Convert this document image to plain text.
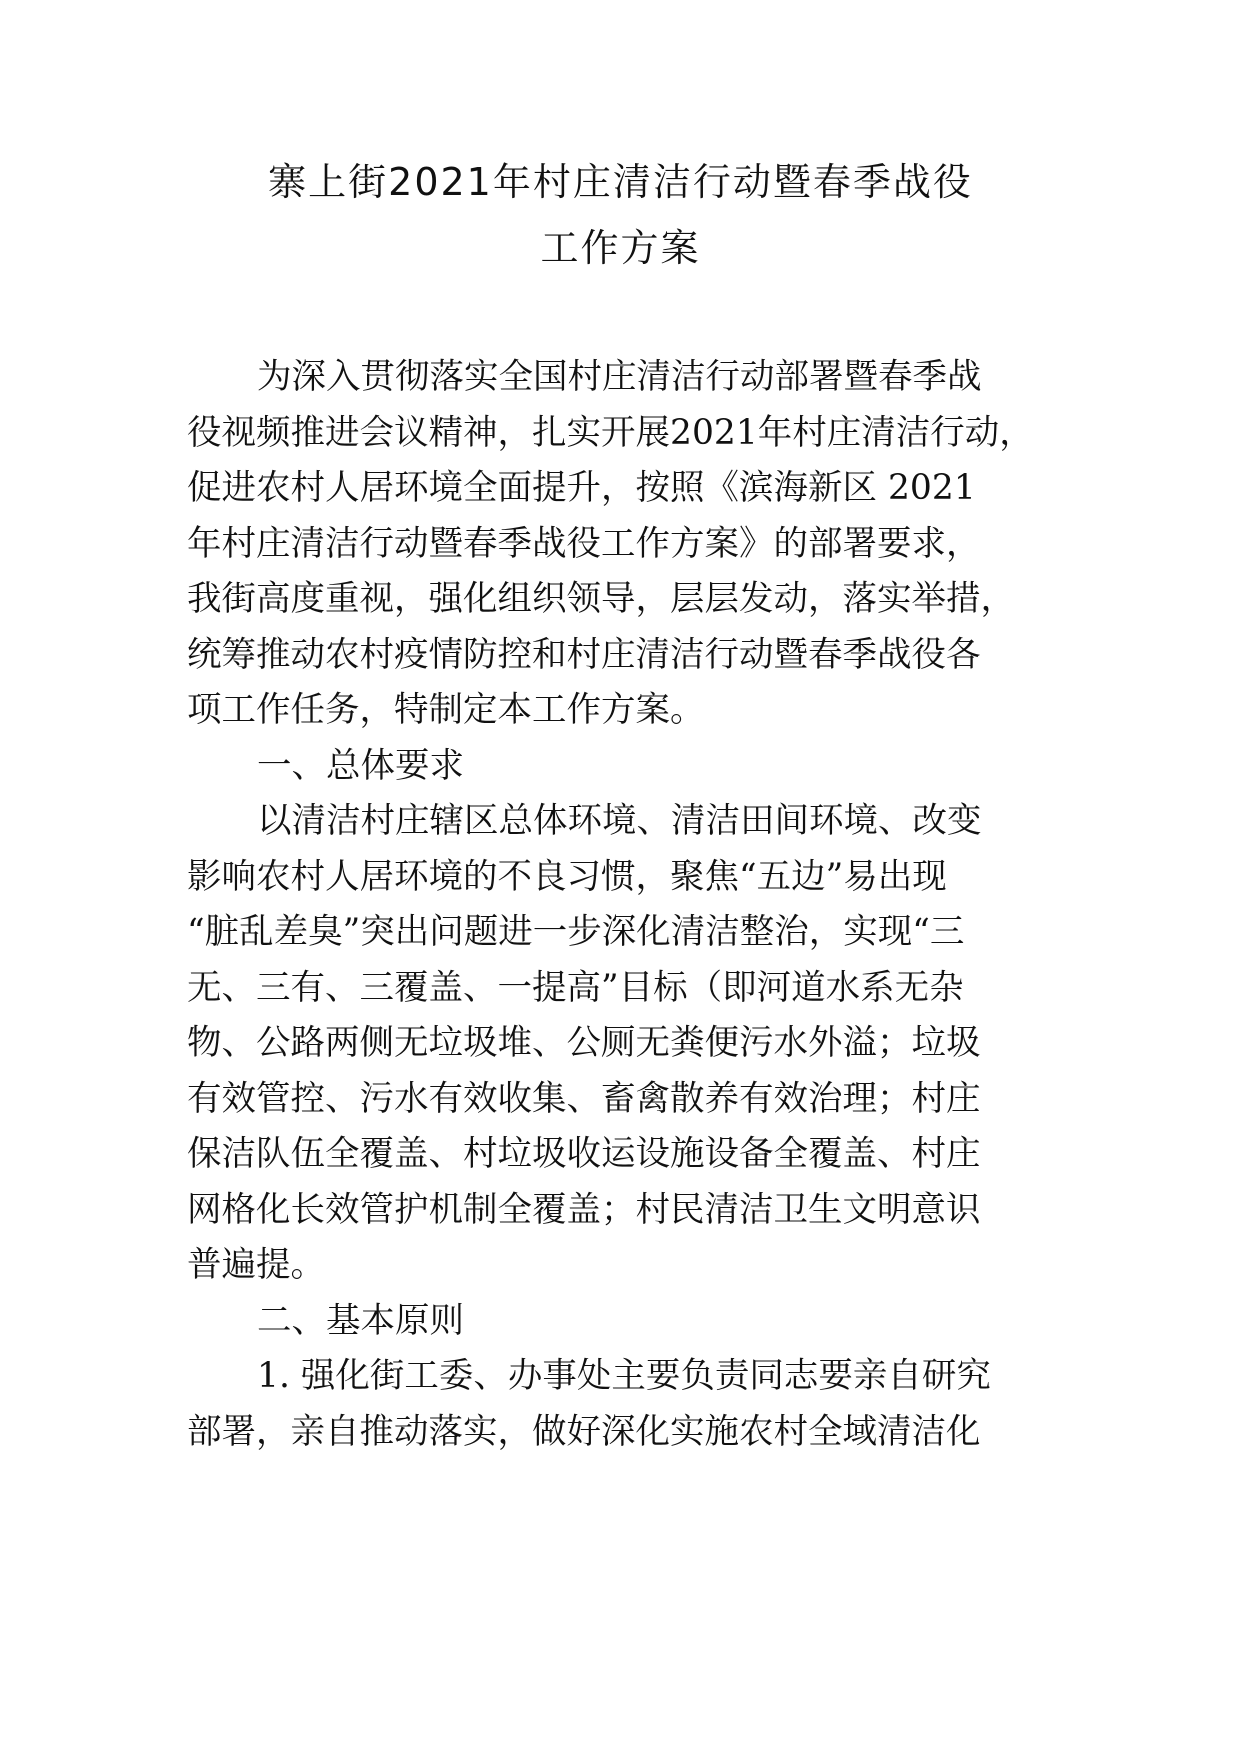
寨上街2021年村庄清洁行动暨春季战役
工作方案
为深入贯彻落实全国村庄清洁行动部署暨春季战
役视频推进会议精神，扎实开展2021年村庄清洁行动，
促进农村人居环境全面提升，按照《滨海新区 2021
年村庄清洁行动暨春季战役工作方案》的部署要求，
我街高度重视，强化组织领导，层层发动，落实举措，
统筹推动农村疫情防控和村庄清洁行动暨春季战役各
项工作任务，特制定本工作方案。
一、总体要求
以清洁村庄辖区总体环境、清洁田间环境、改变
影响农村人居环境的不良习惯，聚焦“五边”易出现
“脏乱差臭”突出问题进一步深化清洁整治，实现“三
无、三有、三覆盖、一提高”目标（即河道水系无杂
物、公路两侧无垃圾堆、公厕无粪便污水外溢；垃圾
有效管控、污水有效收集、畜禽散养有效治理；村庄
保洁队伍全覆盖、村垃圾收运设施设备全覆盖、村庄
网格化长效管护机制全覆盖；村民清洁卫生文明意识
普遍提。
二、基本原则
1. 强化街工委、办事处主要负责同志要亲自研究
部署，亲自推动落实，做好深化实施农村全域清洁化
